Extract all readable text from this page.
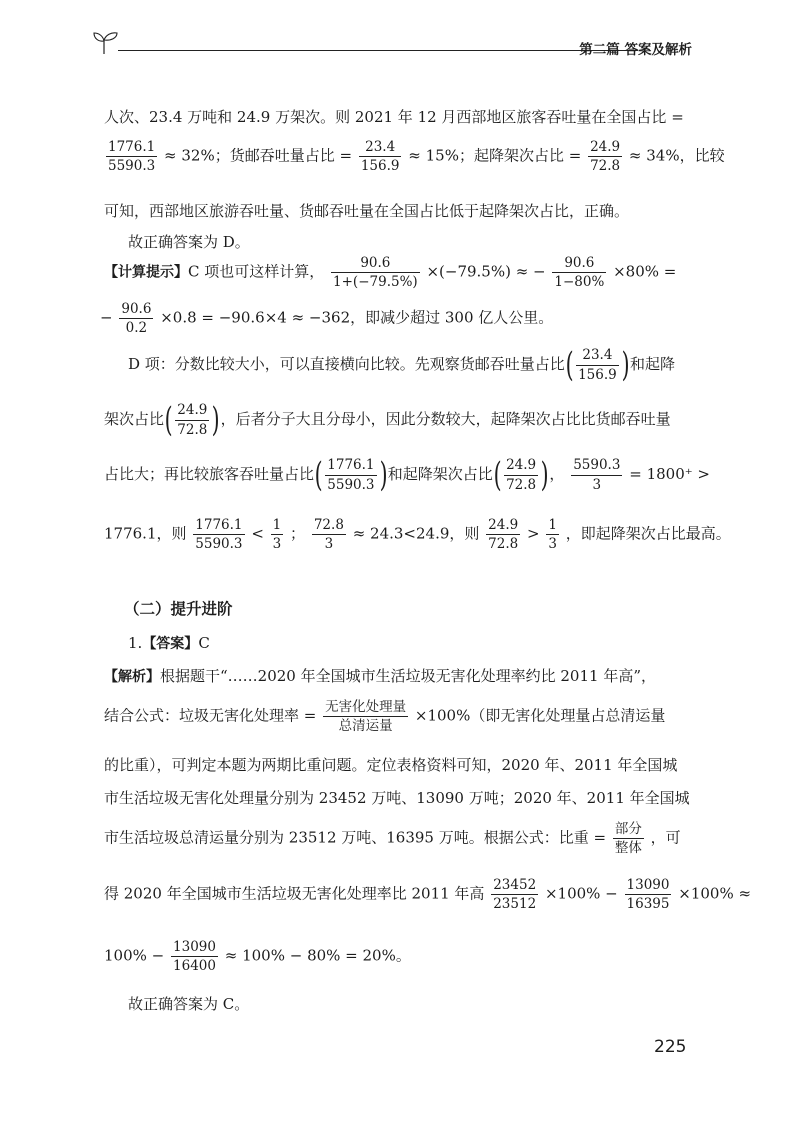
第二篇 答案及解析
人次、23.4 万吨和 24.9 万架次。则 2021 年 12 月西部地区旅客吞吐量在全国占比 =
$\frac{1776.1}{5590.3} \approx 32\%$；货邮吞吐量占比 = $\frac{23.4}{156.9} \approx 15\%$；起降架次占比 = $\frac{24.9}{72.8} \approx 34\%$，比较
可知，西部地区旅游吞吐量、货邮吞吐量在全国占比低于起降架次占比，正确。
故正确答案为 D。
【计算提示】C 项也可这样计算， $\frac{90.6}{1+(-79.5\%)} \times(-79.5\%)$ ≈ − $\frac{90.6}{1-80\%} \times 80\%$ =
− $\frac{90.6}{0.2} \times 0.8 = -90.6\times 4 \approx -362$，即减少超过 300 亿人公里。
D 项：分数比较大小，可以直接横向比较。先观察货邮吞吐量占比( $\frac{23.4}{156.9}$ )和起降
架次占比( $\frac{24.9}{72.8}$ )，后者分子大且分母小，因此分数较大，起降架次占比比货邮吞吐量
占比大；再比较旅客吞吐量占比( $\frac{1776.1}{5590.3}$ )和起降架次占比( $\frac{24.9}{72.8}$ )， $\frac{5590.3}{3} = 1800^+$ >
1776.1，则 $\frac{1776.1}{5590.3} < \frac{1}{3}$ ； $\frac{72.8}{3} \approx 24.3<24.9$，则 $\frac{24.9}{72.8} > \frac{1}{3}$ ，即起降架次占比最高。
（二）提升进阶
1.【答案】C
【解析】根据题干“……2020 年全国城市生活垃圾无害化处理率约比 2011 年高”，
结合公式：垃圾无害化处理率 = $\frac{\text{无害化处理量}}{\text{总清运量}} \times 100\%$（即无害化处理量占总清运量
的比重），可判定本题为两期比重问题。定位表格资料可知，2020 年、2011 年全国城
市生活垃圾无害化处理量分别为 23452 万吨、13090 万吨；2020 年、2011 年全国城
市生活垃圾总清运量分别为 23512 万吨、16395 万吨。根据公式：比重 = $\frac{\text{部分}}{\text{整体}}$ ，可
得 2020 年全国城市生活垃圾无害化处理率比 2011 年高 $\frac{23452}{23512} \times 100\% - \frac{13090}{16395} \times 100\%$ ≈
$100\% - \frac{13090}{16400} \approx 100\% - 80\% = 20\%$。
故正确答案为 C。
225
